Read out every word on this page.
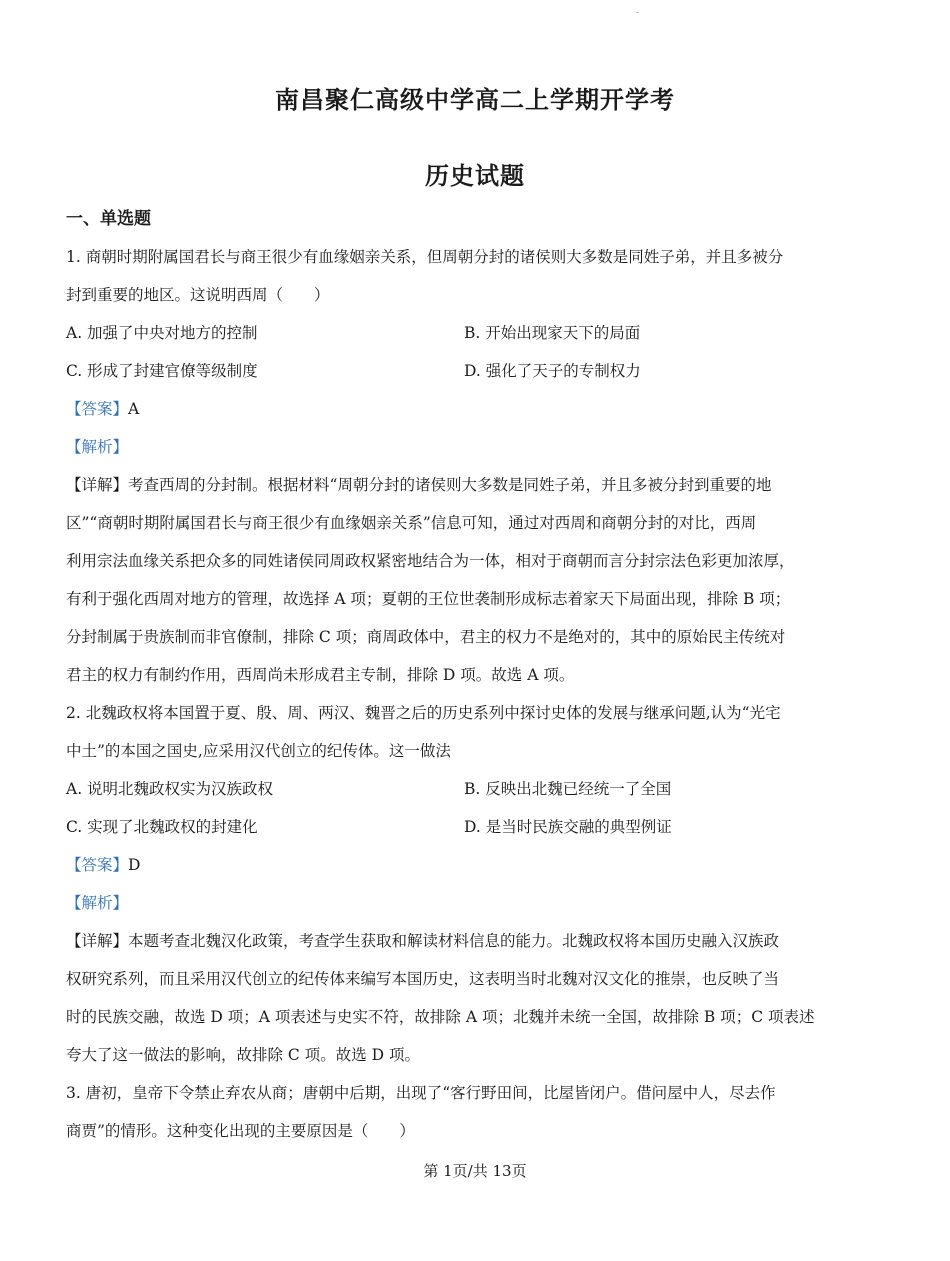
-
南昌聚仁高级中学高二上学期开学考
历史试题
一、单选题

1. 商朝时期附属国君长与商王很少有血缘姻亲关系，但周朝分封的诸侯则大多数是同姓子弟，并且多被分

封到重要的地区。这说明西周（　　）

A. 加强了中央对地方的控制	B. 开始出现家天下的局面
C. 形成了封建官僚等级制度	D. 强化了天子的专制权力

【答案】A

【解析】

【详解】考查西周的分封制。根据材料“周朝分封的诸侯则大多数是同姓子弟，并且多被分封到重要的地

区”“商朝时期附属国君长与商王很少有血缘姻亲关系”信息可知，通过对西周和商朝分封的对比，西周

利用宗法血缘关系把众多的同姓诸侯同周政权紧密地结合为一体，相对于商朝而言分封宗法色彩更加浓厚，

有利于强化西周对地方的管理，故选择 A 项；夏朝的王位世袭制形成标志着家天下局面出现，排除 B 项；

分封制属于贵族制而非官僚制，排除 C 项；商周政体中，君主的权力不是绝对的，其中的原始民主传统对

君主的权力有制约作用，西周尚未形成君主专制，排除 D 项。故选 A 项。

2. 北魏政权将本国置于夏、殷、周、两汉、魏晋之后的历史系列中探讨史体的发展与继承问题,认为“光宅

中土”的本国之国史,应采用汉代创立的纪传体。这一做法

A. 说明北魏政权实为汉族政权	B. 反映出北魏已经统一了全国
C. 实现了北魏政权的封建化	D. 是当时民族交融的典型例证

【答案】D

【解析】

【详解】本题考查北魏汉化政策，考查学生获取和解读材料信息的能力。北魏政权将本国历史融入汉族政

权研究系列，而且采用汉代创立的纪传体来编写本国历史，这表明当时北魏对汉文化的推崇，也反映了当

时的民族交融，故选 D 项；A 项表述与史实不符，故排除 A 项；北魏并未统一全国，故排除 B 项；C 项表述

夸大了这一做法的影响，故排除 C 项。故选 D 项。

3. 唐初，皇帝下令禁止弃农从商；唐朝中后期，出现了“客行野田间，比屋皆闭户。借问屋中人，尽去作

商贾”的情形。这种变化出现的主要原因是（　　）

第 1页/共 13页
